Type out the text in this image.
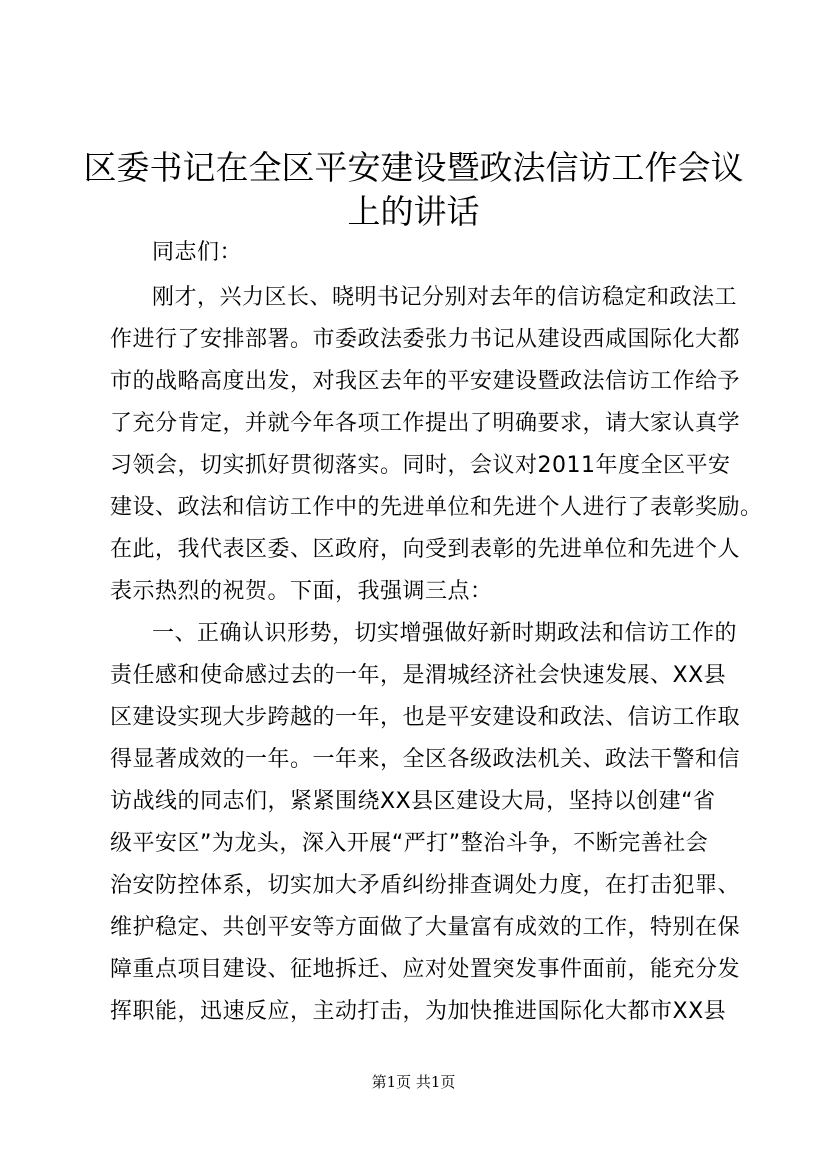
区委书记在全区平安建设暨政法信访工作会议
上的讲话
同志们：
刚才，兴力区长、晓明书记分别对去年的信访稳定和政法工
作进行了安排部署。市委政法委张力书记从建设西咸国际化大都
市的战略高度出发，对我区去年的平安建设暨政法信访工作给予
了充分肯定，并就今年各项工作提出了明确要求，请大家认真学
习领会，切实抓好贯彻落实。同时，会议对2011年度全区平安
建设、政法和信访工作中的先进单位和先进个人进行了表彰奖励。
在此，我代表区委、区政府，向受到表彰的先进单位和先进个人
表示热烈的祝贺。下面，我强调三点：
一、正确认识形势，切实增强做好新时期政法和信访工作的
责任感和使命感过去的一年，是渭城经济社会快速发展、XX县
区建设实现大步跨越的一年，也是平安建设和政法、信访工作取
得显著成效的一年。一年来，全区各级政法机关、政法干警和信
访战线的同志们，紧紧围绕XX县区建设大局，坚持以创建“省
级平安区”为龙头，深入开展“严打”整治斗争，不断完善社会
治安防控体系，切实加大矛盾纠纷排查调处力度，在打击犯罪、
维护稳定、共创平安等方面做了大量富有成效的工作，特别在保
障重点项目建设、征地拆迁、应对处置突发事件面前，能充分发
挥职能，迅速反应，主动打击，为加快推进国际化大都市XX县
第1页 共1页
